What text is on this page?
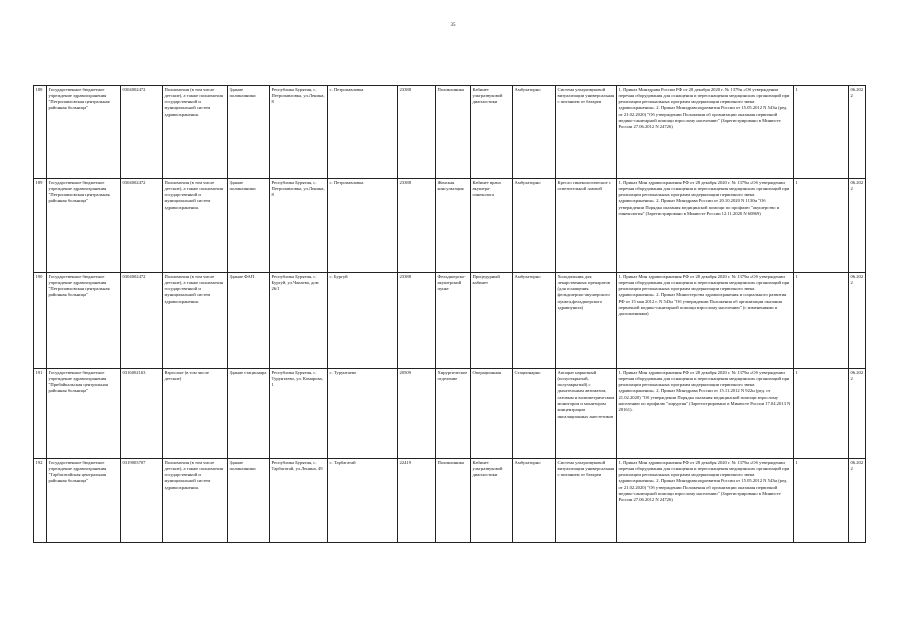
35
188	Государственное бюджетное учреждение здравоохранения "Петропавловская центральная районная больница"	0304002472	Полномочия (в том числе детские), а также полномочия государственной и муниципальной систем здравоохранения.	Здание поликлиники	Республика Бурятия, с. Петропавловка, ул.Ленина, 8	с. Петропавловка	23388	Поликлиника	Кабинет ультразвуковой диагностики	Амбулаторно	Система ультразвуковой визуализации универсальная с питанием от батареи	1. Приказ Минздрава России РФ от 28 декабря 2020 г. № 1379н «Об утверждении перечня оборудования для оснащения и переоснащения медицинских организаций при реализации региональных программ модернизации первичного звена здравоохранения». 2. Приказ Минздравсоцразвития России от 15.05.2012 N 543н (ред. от 21.02.2020) "Об утверждении Положения об организации оказания первичной медико-санитарной помощи взрослому населению" (Зарегистрировано в Минюсте России 27.06.2012 N 24726)	1	06.2022
189	Государственное бюджетное учреждение здравоохранения "Петропавловская центральная районная больница"	0304002472	Полномочия (в том числе детские), а также полномочия государственной и муниципальной систем здравоохранения.	Здание поликлиники	Республика Бурятия, с. Петропавловка, ул.Ленина, 8	с. Петропавловка	23388	Женская консультация	Кабинет врача акушера-гинеколога	Амбулаторно	Кресло гинекологическое с осветительной лампой	1. Приказ Мин здравоохранения РФ от 28 декабря 2020 г. № 1379н «Об утверждении перечня оборудования для оснащения и переоснащения медицинских организаций при реализации региональных программ модернизации первичного звена здравоохранения». 2. Приказ Минздрава России от 20.10.2020 N 1130н "Об утверждении Порядка оказания медицинской помощи по профилю "акушерство и гинекология" (Зарегистрировано в Минюсте России 12.11.2020 N 60869)	1	06.2022
190	Государственное бюджетное учреждение здравоохранения "Петропавловская центральная районная больница"	0304002472	Полномочия (в том числе детские), а также полномочия государственной и муниципальной систем здравоохранения.	Здание ФАП	Республика Бурятия, с. Бургуй, ул.Чапаева, дом 26/1	с. Бургуй	23388	Фельдшерско-акушерский пункт	Процедурный кабинет	Амбулаторно	Холодильник для лекарственных препаратов (для оснащения фельдшерско-акушерского пункта,фельдшерского здравпункта)	1. Приказ Мин здравоохранения РФ от 28 декабря 2020 г. № 1379н «Об утверждении перечня оборудования для оснащения и переоснащения медицинских организаций при реализации региональных программ модернизации первичного звена здравоохранения». 2. Приказ Министерства здравоохранения и социального развития РФ от 15 мая 2012 г. N 543н "Об утверждении Положения об организации оказания первичной медико-санитарной помощи взрослому населению" (с изменениями и дополнениями)	1	06.2022
191	Государственное бюджетное учреждение здравоохранения "Прибайкальская центральная районная больница"	0316002163	Взрослые (в том числе детские)	Здание стационара	Республика Бурятия, с. Турунтаево, ул. Комарова, 1	с. Турунтаево	20509	Хирургическое отделение	Операционная	Стационарно	Аппарат наркозный (полуоткрытый, полузакрытый) с дыхательным автоматом, газовым и волюметрическим монитором и монитором концентрации ингаляционных анестетиков	1. Приказ Мин здравоохранения РФ от 28 декабря 2020 г. № 1379н «Об утверждении перечня оборудования для оснащения и переоснащения медицинских организаций при реализации региональных программ модернизации первичного звена здравоохранения». 2. Приказ Минздрава России от 15.11.2012 N 922н (ред. от 21.02.2020) "Об утверждении Порядка оказания медицинской помощи взрослому населению по профилю "хирургия" (Зарегистрировано в Минюсте России 17.04.2013 N 28161).	1	06.2022
192	Государственное бюджетное учреждение здравоохранения "Тарбагатайская центральная районная больница"	0319003707	Полномочия (в том числе детские), а также полномочия государственной и муниципальной систем здравоохранения.	Здание поликлиники	Республика Бурятия, с. Тарбагатай, ул.Ленина, 49	с. Тарбагатай	22419	Поликлиника	Кабинет ультразвуковой диагностики	Амбулаторно	Система ультразвуковой визуализации универсальная с питанием от батареи	1. Приказ Мин здравоохранения РФ от 28 декабря 2020 г. № 1379н «Об утверждении перечня оборудования для оснащения и переоснащения медицинских организаций при реализации региональных программ модернизации первичного звена здравоохранения». 2. Приказ Минздравсоцразвития России от 15.05.2012 N 543н (ред. от 21.02.2020) "Об утверждении Положения об организации оказания первичной медико-санитарной помощи взрослому населению" (Зарегистрировано в Минюсте России 27.06.2012 N 24726)	1	06.2022
